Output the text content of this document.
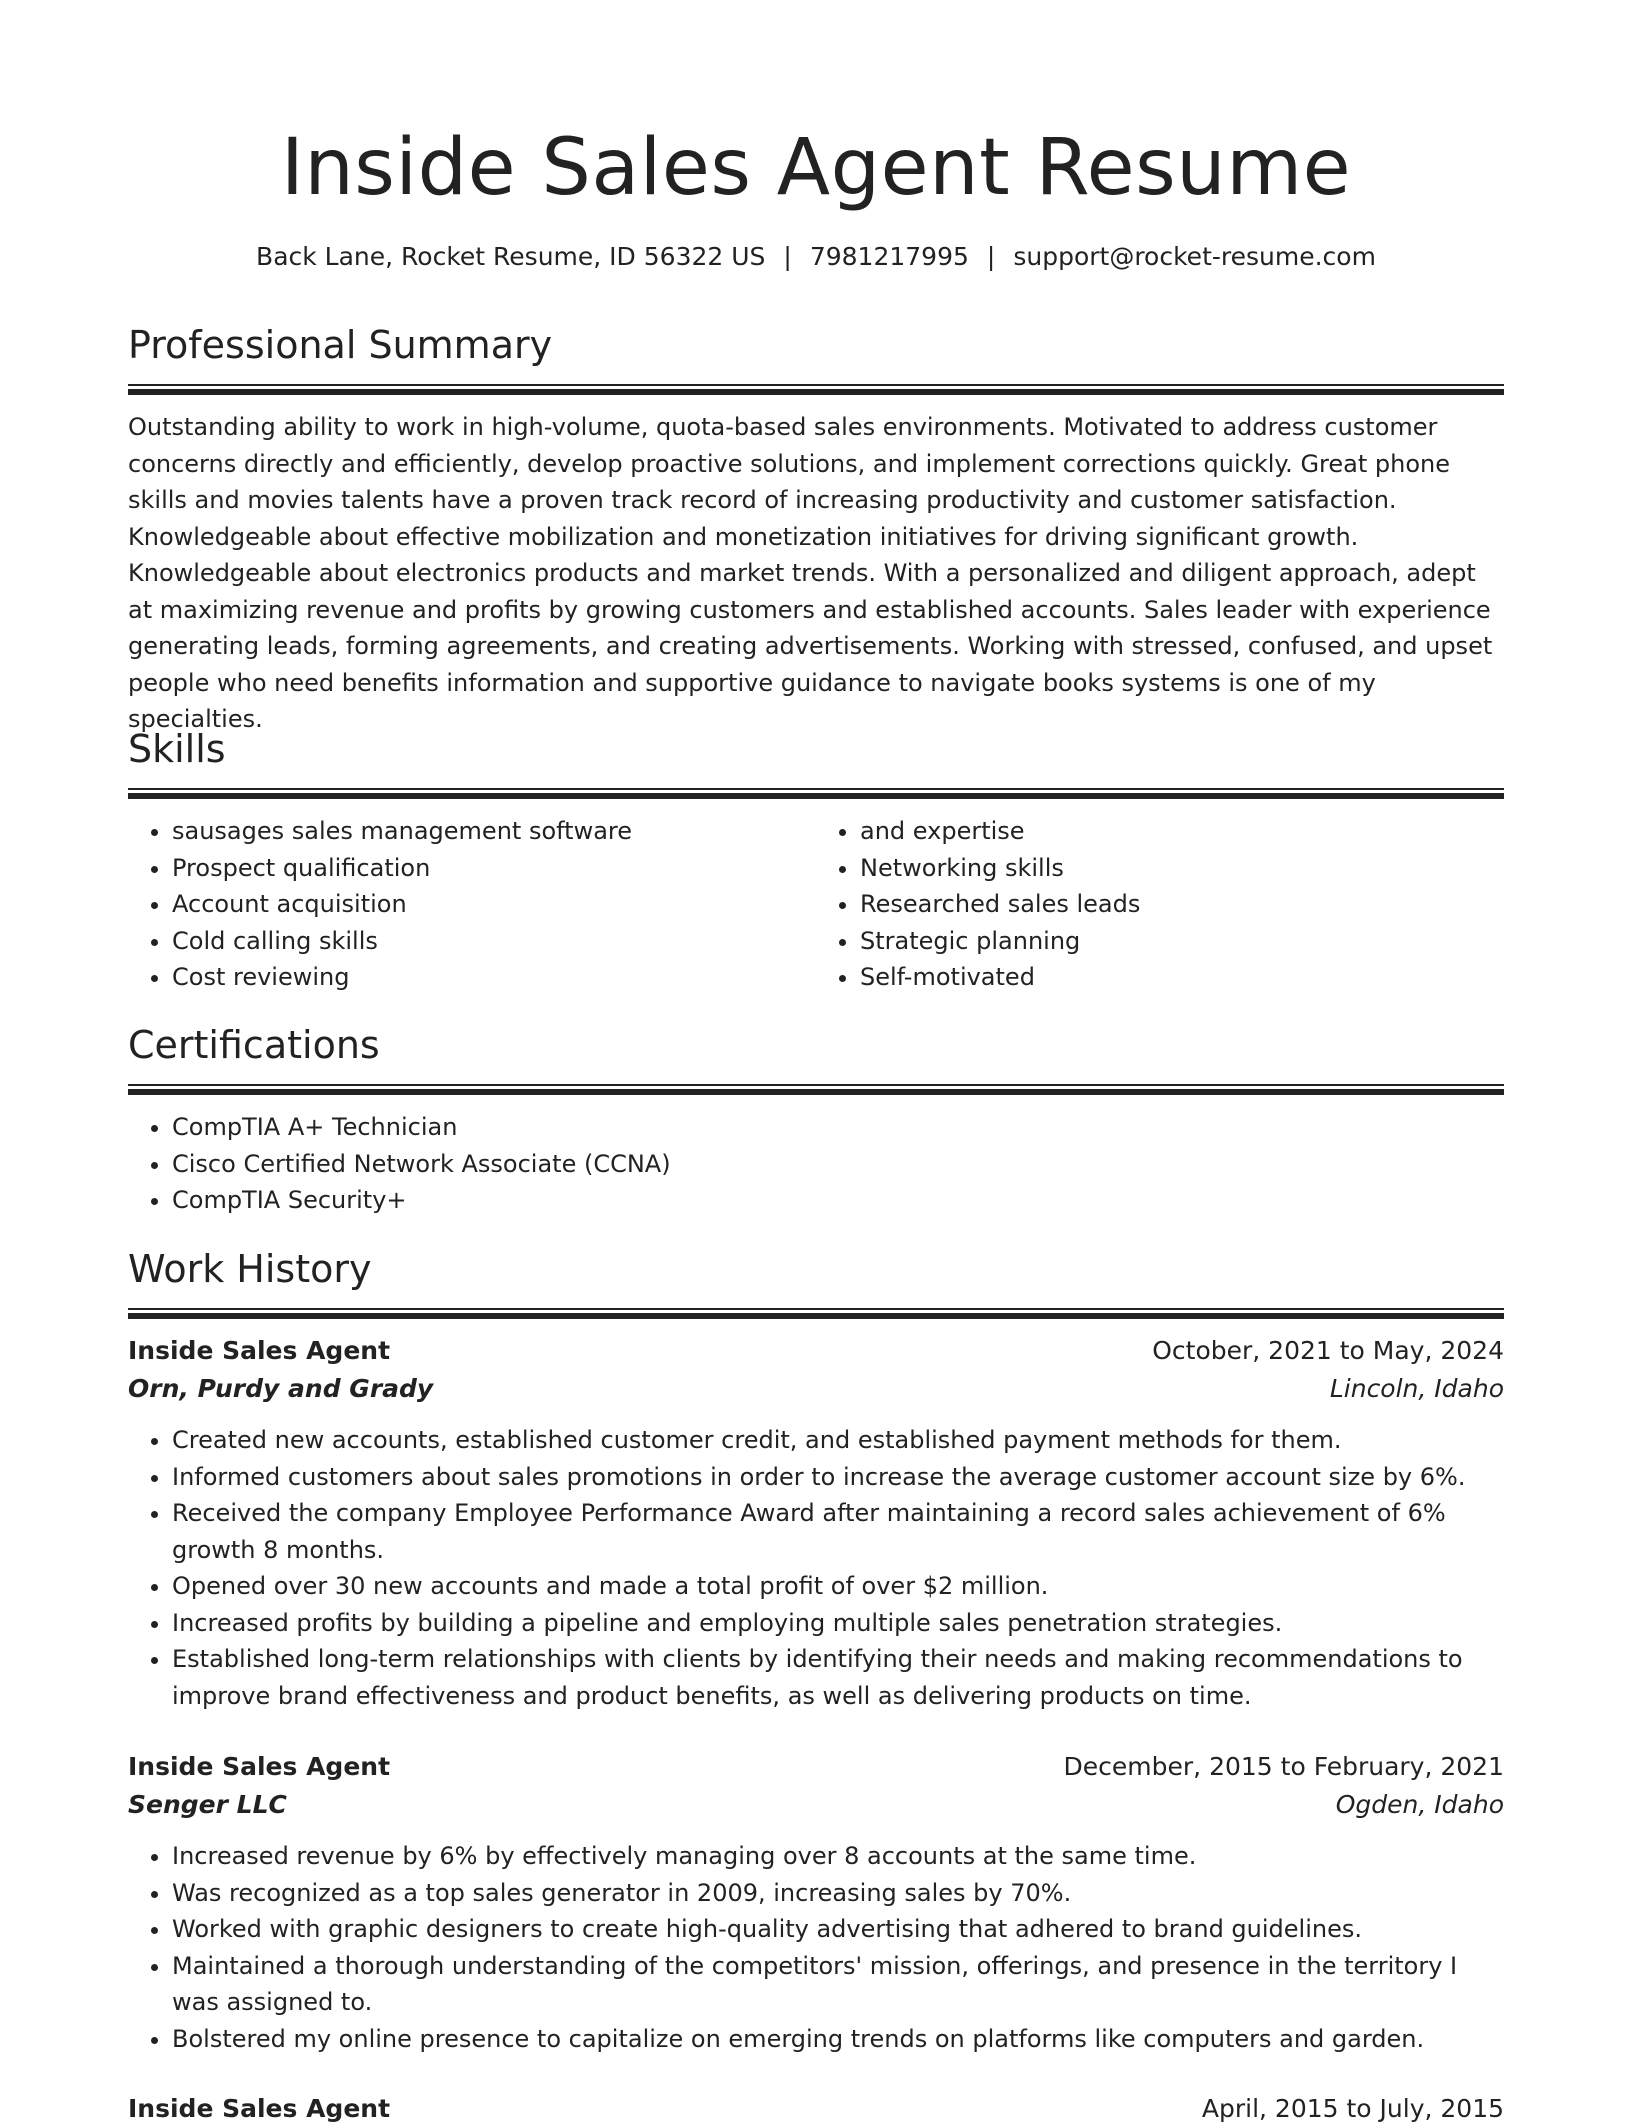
Inside Sales Agent Resume
Back Lane, Rocket Resume, ID 56322 US | 7981217995 | support@rocket-resume.com
Professional Summary

Outstanding ability to work in high-volume, quota-based sales environments. Motivated to address customer concerns directly and efficiently, develop proactive solutions, and implement corrections quickly. Great phone skills and movies talents have a proven track record of increasing productivity and customer satisfaction. Knowledgeable about effective mobilization and monetization initiatives for driving significant growth. Knowledgeable about electronics products and market trends. With a personalized and diligent approach, adept at maximizing revenue and profits by growing customers and established accounts. Sales leader with experience generating leads, forming agreements, and creating advertisements. Working with stressed, confused, and upset people who need benefits information and supportive guidance to navigate books systems is one of my specialties.

Skills
• sausages sales management software
• Prospect qualification
• Account acquisition
• Cold calling skills
• Cost reviewing
• and expertise
• Networking skills
• Researched sales leads
• Strategic planning
• Self-motivated
Certifications
• CompTIA A+ Technician
• Cisco Certified Network Associate (CCNA)
• CompTIA Security+
Work History
Inside Sales Agent	October, 2021 to May, 2024
Orn, Purdy and Grady	Lincoln, Idaho
• Created new accounts, established customer credit, and established payment methods for them.
• Informed customers about sales promotions in order to increase the average customer account size by 6%.
• Received the company Employee Performance Award after maintaining a record sales achievement of 6% growth 8 months.
• Opened over 30 new accounts and made a total profit of over $2 million.
• Increased profits by building a pipeline and employing multiple sales penetration strategies.
• Established long-term relationships with clients by identifying their needs and making recommendations to improve brand effectiveness and product benefits, as well as delivering products on time.
Inside Sales Agent	December, 2015 to February, 2021
Senger LLC	Ogden, Idaho
• Increased revenue by 6% by effectively managing over 8 accounts at the same time.
• Was recognized as a top sales generator in 2009, increasing sales by 70%.
• Worked with graphic designers to create high-quality advertising that adhered to brand guidelines.
• Maintained a thorough understanding of the competitors' mission, offerings, and presence in the territory I was assigned to.
• Bolstered my online presence to capitalize on emerging trends on platforms like computers and garden.
Inside Sales Agent	April, 2015 to July, 2015
